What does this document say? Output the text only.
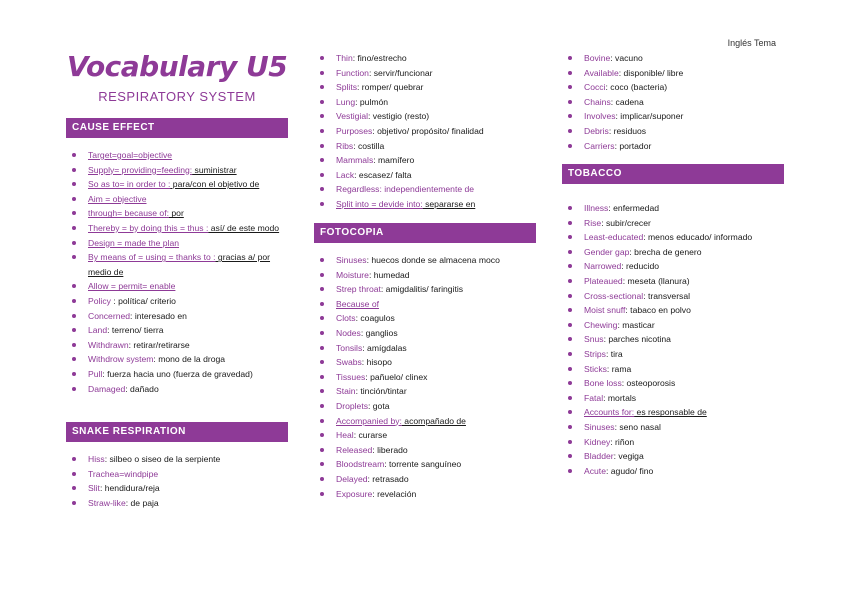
Inglés Tema
Vocabulary U5
RESPIRATORY SYSTEM
CAUSE EFFECT
Target=goal=objective
Supply= providing=feeding: suministrar
So as to= in order to : para/con el objetivo de
Aim = objective
through= because of: por
Thereby = by doing this = thus : así/ de este modo
Design = made the plan
By means of = using = thanks to : gracias a/ por medio de
Allow = permit= enable
Policy : política/ criterio
Concerned: interesado en
Land: terreno/ tierra
Withdrawn: retirar/retirarse
Withdrow system: mono de la droga
Pull: fuerza hacia uno (fuerza de gravedad)
Damaged: dañado
SNAKE RESPIRATION
Hiss: silbeo o siseo de la serpiente
Trachea=windpipe
Slit: hendidura/reja
Straw-like: de paja
Thin: fino/estrecho
Function: servir/funcionar
Splits: romper/ quebrar
Lung: pulmón
Vestigial: vestigio (resto)
Purposes: objetivo/ propósito/ finalidad
Ribs: costilla
Mammals: mamífero
Lack: escasez/ falta
Regardless: independientemente de
Split into = devide into: separarse en
FOTOCOPIA
Sinuses: huecos donde se almacena moco
Moisture: humedad
Strep throat: amigdalitis/ faringitis
Because of
Clots: coagulos
Nodes: ganglios
Tonsils: amígdalas
Swabs: hisopo
Tissues: pañuelo/ clinex
Stain: tinción/tintar
Droplets: gota
Accompanied by: acompañado de
Heal: curarse
Released: liberado
Bloodstream: torrente sanguíneo
Delayed: retrasado
Exposure: revelación
Bovine: vacuno
Available: disponible/ libre
Cocci: coco (bacteria)
Chains: cadena
Involves: implicar/suponer
Debris: residuos
Carriers: portador
TOBACCO
Illness: enfermedad
Rise: subir/crecer
Least-educated: menos educado/ informado
Gender gap: brecha de genero
Narrowed: reducido
Plateaued: meseta (llanura)
Cross-sectional: transversal
Moist snuff: tabaco en polvo
Chewing: masticar
Snus: parches nicotina
Strips: tira
Sticks: rama
Bone loss: osteoporosis
Fatal: mortals
Accounts for: es responsable de
Sinuses: seno nasal
Kidney: riñon
Bladder: vegiga
Acute: agudo/ fino
